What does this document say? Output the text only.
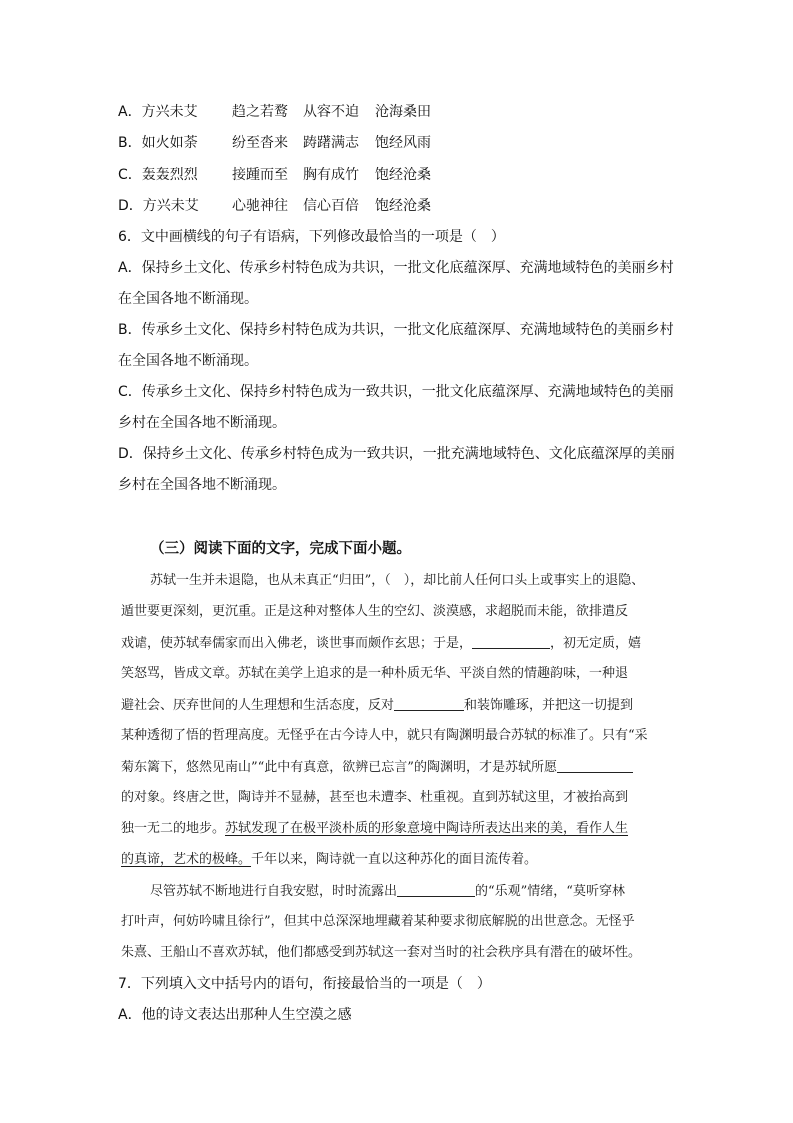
A．方兴未艾 趋之若鹜 从容不迫 沧海桑田
B．如火如荼 纷至沓来 踌躇满志 饱经风雨
C．轰轰烈烈 接踵而至 胸有成竹 饱经沧桑
D．方兴未艾 心驰神往 信心百倍 饱经沧桑
6．文中画横线的句子有语病，下列修改最恰当的一项是（　）
A．保持乡土文化、传承乡村特色成为共识，一批文化底蕴深厚、充满地域特色的美丽乡村
在全国各地不断涌现。
B．传承乡土文化、保持乡村特色成为共识，一批文化底蕴深厚、充满地域特色的美丽乡村
在全国各地不断涌现。
C．传承乡土文化、保持乡村特色成为一致共识，一批文化底蕴深厚、充满地域特色的美丽
乡村在全国各地不断涌现。
D．保持乡土文化、传承乡村特色成为一致共识，一批充满地域特色、文化底蕴深厚的美丽
乡村在全国各地不断涌现。
（三）阅读下面的文字，完成下面小题。
苏轼一生并未退隐，也从未真正“归田”，（　），却比前人任何口头上或事实上的退隐、
遁世要更深刻，更沉重。正是这种对整体人生的空幻、淡漠感，求超脱而未能，欲排遣反
戏谑，使苏轼奉儒家而出入佛老，谈世事而颇作玄思；于是，	，初无定质，嬉
笑怒骂，皆成文章。苏轼在美学上追求的是一种朴质无华、平淡自然的情趣韵味，一种退
避社会、厌弃世间的人生理想和生活态度，反对	和装饰雕琢，并把这一切提到
某种透彻了悟的哲理高度。无怪乎在古今诗人中，就只有陶渊明最合苏轼的标准了。只有“采
菊东篱下，悠然见南山”“此中有真意，欲辨已忘言”的陶渊明，才是苏轼所愿
的对象。终唐之世，陶诗并不显赫，甚至也未遭李、杜重视。直到苏轼这里，才被抬高到
独一无二的地步。苏轼发现了在极平淡朴质的形象意境中陶诗所表达出来的美，看作人生
的真谛，艺术的极峰。千年以来，陶诗就一直以这种苏化的面目流传着。
尽管苏轼不断地进行自我安慰，时时流露出	的“乐观”情绪，“莫听穿林
打叶声，何妨吟啸且徐行”，但其中总深深地埋藏着某种要求彻底解脱的出世意念。无怪乎
朱熹、王船山不喜欢苏轼，他们都感受到苏轼这一套对当时的社会秩序具有潜在的破坏性。
7．下列填入文中括号内的语句，衔接最恰当的一项是（　）
A．他的诗文表达出那种人生空漠之感
